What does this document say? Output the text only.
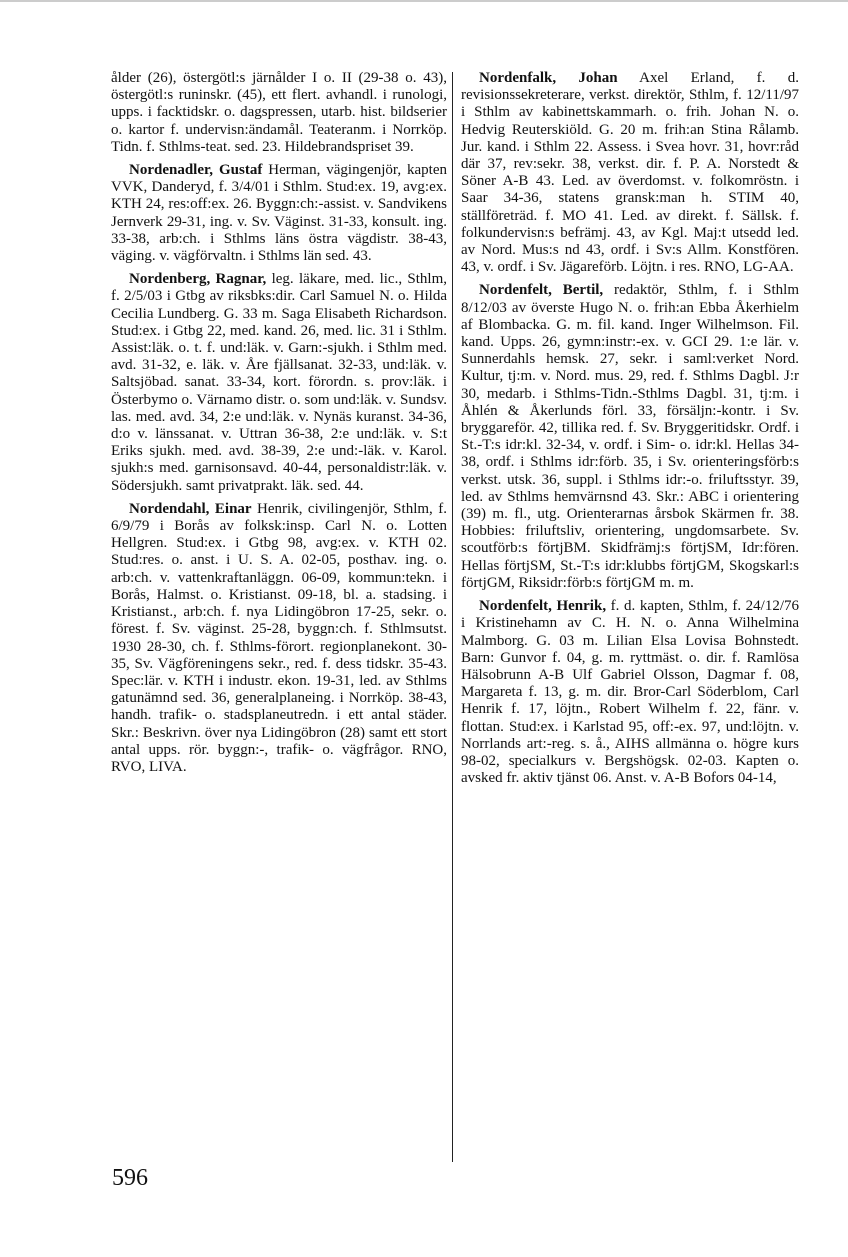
ålder (26), östergötl:s järnålder I o. II (29-38 o. 43), östergötl:s runinskr. (45), ett flert. avhandl. i runologi, upps. i facktidskr. o. dagspressen, utarb. hist. bildserier o. kartor f. undervisn:ändamål. Teateranm. i Norrköp. Tidn. f. Sthlms-teat. sed. 23. Hildebrandspriset 39.

Nordenadler, Gustaf Herman, vägingenjör, kapten VVK, Danderyd, f. 3/4/01 i Sthlm. Stud:ex. 19, avg:ex. KTH 24, res:off:ex. 26. Byggn:ch:-assist. v. Sandvikens Jernverk 29-31, ing. v. Sv. Väginst. 31-33, konsult. ing. 33-38, arb:ch. i Sthlms läns östra vägdistr. 38-43, väging. v. vägförvaltn. i Sthlms län sed. 43.

Nordenberg, Ragnar, leg. läkare, med. lic., Sthlm, f. 2/5/03 i Gtbg av riksbks:dir. Carl Samuel N. o. Hilda Cecilia Lundberg. G. 33 m. Saga Elisabeth Richardson. Stud:ex. i Gtbg 22, med. kand. 26, med. lic. 31 i Sthlm. Assist:läk. o. t. f. und:läk. v. Garn:-sjukh. i Sthlm med. avd. 31-32, e. läk. v. Åre fjällsanat. 32-33, und:läk. v. Saltsjöbad. sanat. 33-34, kort. förordn. s. prov:läk. i Österbymo o. Värnamo distr. o. som und:läk. v. Sundsv. las. med. avd. 34, 2:e und:läk. v. Nynäs kuranst. 34-36, d:o v. länssanat. v. Uttran 36-38, 2:e und:läk. v. S:t Eriks sjukh. med. avd. 38-39, 2:e und:-läk. v. Karol. sjukh:s med. garnisonsavd. 40-44, personaldistr:läk. v. Södersjukh. samt privatprakt. läk. sed. 44.

Nordendahl, Einar Henrik, civilingenjör, Sthlm, f. 6/9/79 i Borås av folksk:insp. Carl N. o. Lotten Hellgren. Stud:ex. i Gtbg 98, avg:ex. v. KTH 02. Stud:res. o. anst. i U. S. A. 02-05, posthav. ing. o. arb:ch. v. vattenkraftanläggn. 06-09, kommun:tekn. i Borås, Halmst. o. Kristianst. 09-18, bl. a. stadsing. i Kristianst., arb:ch. f. nya Lidingöbron 17-25, sekr. o. förest. f. Sv. väginst. 25-28, byggn:ch. f. Sthlmsutst. 1930 28-30, ch. f. Sthlms-förort. regionplanekont. 30-35, Sv. Vägföreningens sekr., red. f. dess tidskr. 35-43. Spec:lär. v. KTH i industr. ekon. 19-31, led. av Sthlms gatunämnd sed. 36, generalplaneing. i Norrköp. 38-43, handh. trafik- o. stadsplaneutredn. i ett antal städer. Skr.: Beskrivn. över nya Lidingöbron (28) samt ett stort antal upps. rör. byggn:-, trafik- o. vägfrågor. RNO, RVO, LIVA.

Nordenfalk, Johan Axel Erland, f. d. revisionssekreterare, verkst. direktör, Sthlm, f. 12/11/97 i Sthlm av kabinettskammarh. o. frih. Johan N. o. Hedvig Reuterskiöld. G. 20 m. frih:an Stina Rålamb. Jur. kand. i Sthlm 22. Assess. i Svea hovr. 31, hovr:råd där 37, rev:sekr. 38, verkst. dir. f. P. A. Norstedt & Söner A-B 43. Led. av överdomst. v. folkomröstn. i Saar 34-36, statens gransk:man h. STIM 40, ställföreträd. f. MO 41. Led. av direkt. f. Sällsk. f. folkundervisn:s befrämj. 43, av Kgl. Maj:t utsedd led. av Nord. Mus:s nd 43, ordf. i Sv:s Allm. Konstfören. 43, v. ordf. i Sv. Jägareförb. Löjtn. i res. RNO, LG-AA.

Nordenfelt, Bertil, redaktör, Sthlm, f. i Sthlm 8/12/03 av överste Hugo N. o. frih:an Ebba Åkerhielm af Blombacka. G. m. fil. kand. Inger Wilhelmson. Fil. kand. Upps. 26, gymn:instr:-ex. v. GCI 29. 1:e lär. v. Sunnerdahls hemsk. 27, sekr. i saml:verket Nord. Kultur, tj:m. v. Nord. mus. 29, red. f. Sthlms Dagbl. J:r 30, medarb. i Sthlms-Tidn.-Sthlms Dagbl. 31, tj:m. i Åhlén & Åkerlunds förl. 33, försäljn:-kontr. i Sv. bryggareför. 42, tillika red. f. Sv. Bryggeritidskr. Ordf. i St.-T:s idr:kl. 32-34, v. ordf. i Sim- o. idr:kl. Hellas 34-38, ordf. i Sthlms idr:förb. 35, i Sv. orienteringsförb:s verkst. utsk. 36, suppl. i Sthlms idr:-o. friluftsstyr. 39, led. av Sthlms hemvärnsnd 43. Skr.: ABC i orientering (39) m. fl., utg. Orienterarnas årsbok Skärmen fr. 38. Hobbies: friluftsliv, orientering, ungdomsarbete. Sv. scoutförb:s förtjBM. Skidfrämj:s förtjSM, Idr:fören. Hellas förtjSM, St.-T:s idr:klubbs förtjGM, Skogskarl:s förtjGM, Riksidr:förb:s förtjGM m. m.

Nordenfelt, Henrik, f. d. kapten, Sthlm, f. 24/12/76 i Kristinehamn av C. H. N. o. Anna Wilhelmina Malmborg. G. 03 m. Lilian Elsa Lovisa Bohnstedt. Barn: Gunvor f. 04, g. m. ryttmäst. o. dir. f. Ramlösa Hälsobrunn A-B Ulf Gabriel Olsson, Dagmar f. 08, Margareta f. 13, g. m. dir. Bror-Carl Söderblom, Carl Henrik f. 17, löjtn., Robert Wilhelm f. 22, fänr. v. flottan. Stud:ex. i Karlstad 95, off:-ex. 97, und:löjtn. v. Norrlands art:-reg. s. å., AIHS allmänna o. högre kurs 98-02, specialkurs v. Bergshögsk. 02-03. Kapten o. avsked fr. aktiv tjänst 06. Anst. v. A-B Bofors 04-14,

596
